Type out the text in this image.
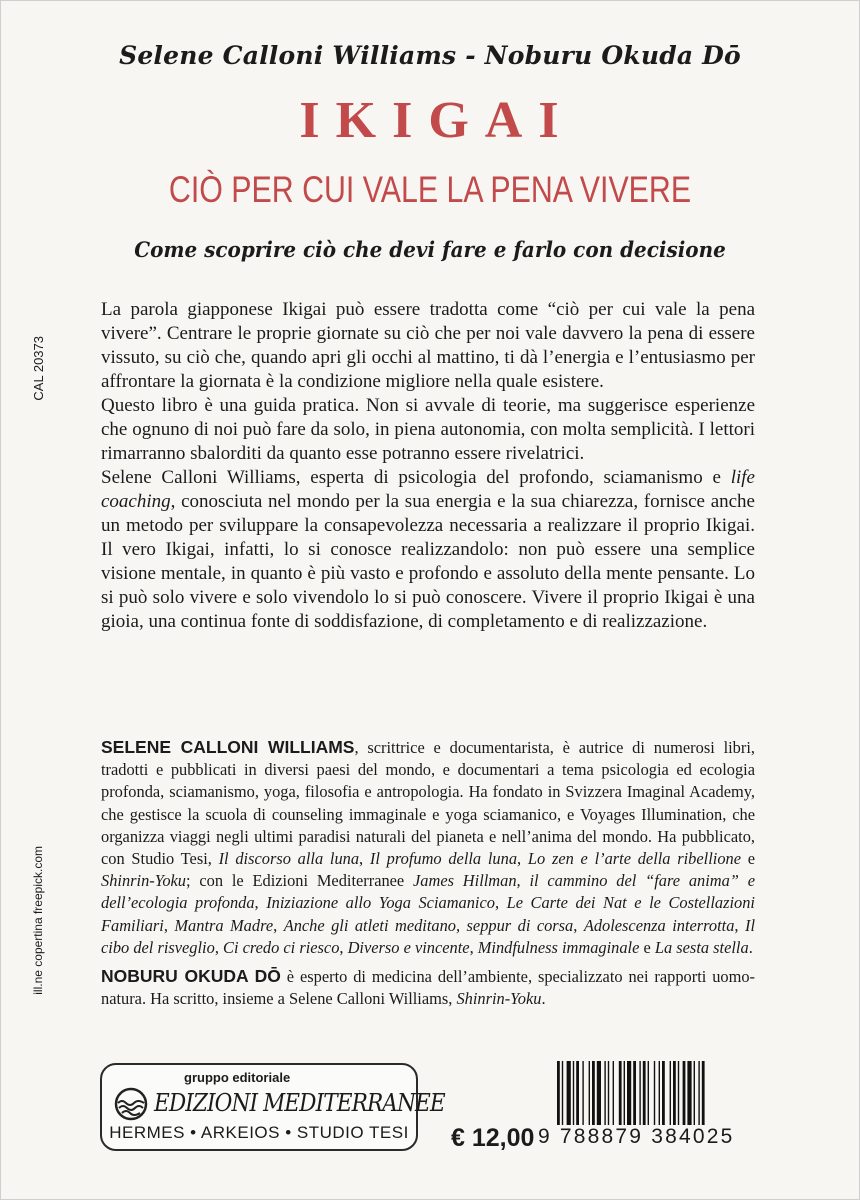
Selene Calloni Williams - Noburu Okuda Dō
IKIGAI
CIÒ PER CUI VALE LA PENA VIVERE
Come scoprire ciò che devi fare e farlo con decisione
CAL 20373
ill.ne copertina freepick.com

La parola giapponese Ikigai può essere tradotta come “ciò per cui vale la pena vivere”. Centrare le proprie giornate su ciò che per noi vale davvero la pena di essere vissuto, su ciò che, quando apri gli occhi al mattino, ti dà l’energia e l’entusiasmo per affrontare la giornata è la condizione migliore nella quale esistere.

Questo libro è una guida pratica. Non si avvale di teorie, ma suggerisce esperienze che ognuno di noi può fare da solo, in piena autonomia, con molta semplicità. I lettori rimarranno sbalorditi da quanto esse potranno essere rivelatrici.

Selene Calloni Williams, esperta di psicologia del profondo, sciamanismo e life coaching, conosciuta nel mondo per la sua energia e la sua chiarezza, fornisce anche un metodo per sviluppare la consapevolezza necessaria a realizzare il proprio Ikigai. Il vero Ikigai, infatti, lo si conosce realizzandolo: non può essere una semplice visione mentale, in quanto è più vasto e profondo e assoluto della mente pensante. Lo si può solo vivere e solo vivendolo lo si può conoscere. Vivere il proprio Ikigai è una gioia, una continua fonte di soddisfazione, di completamento e di realizzazione.

SELENE CALLONI WILLIAMS, scrittrice e documentarista, è autrice di numerosi libri, tradotti e pubblicati in diversi paesi del mondo, e documentari a tema psicologia ed ecologia profonda, sciamanismo, yoga, filosofia e antropologia. Ha fondato in Svizzera Imaginal Academy, che gestisce la scuola di counseling immaginale e yoga sciamanico, e Voyages Illumination, che organizza viaggi negli ultimi paradisi naturali del pianeta e nell’anima del mondo. Ha pubblicato, con Studio Tesi, Il discorso alla luna, Il profumo della luna, Lo zen e l’arte della ribellione e Shinrin-Yoku; con le Edizioni Mediterranee James Hillman, il cammino del “fare anima” e dell’ecologia profonda, Iniziazione allo Yoga Sciamanico, Le Carte dei Nat e le Costellazioni Familiari, Mantra Madre, Anche gli atleti meditano, seppur di corsa, Adolescenza interrotta, Il cibo del risveglio, Ci credo ci riesco, Diverso e vincente, Mindfulness immaginale e La sesta stella.

NOBURU OKUDA DŌ è esperto di medicina dell’ambiente, specializzato nei rapporti uomo-natura. Ha scritto, insieme a Selene Calloni Williams, Shinrin-Yoku.

gruppo editoriale
EDIZIONI MEDITERRANEE
HERMES • ARKEIOS • STUDIO TESI € 12,00 9 788879 384025
